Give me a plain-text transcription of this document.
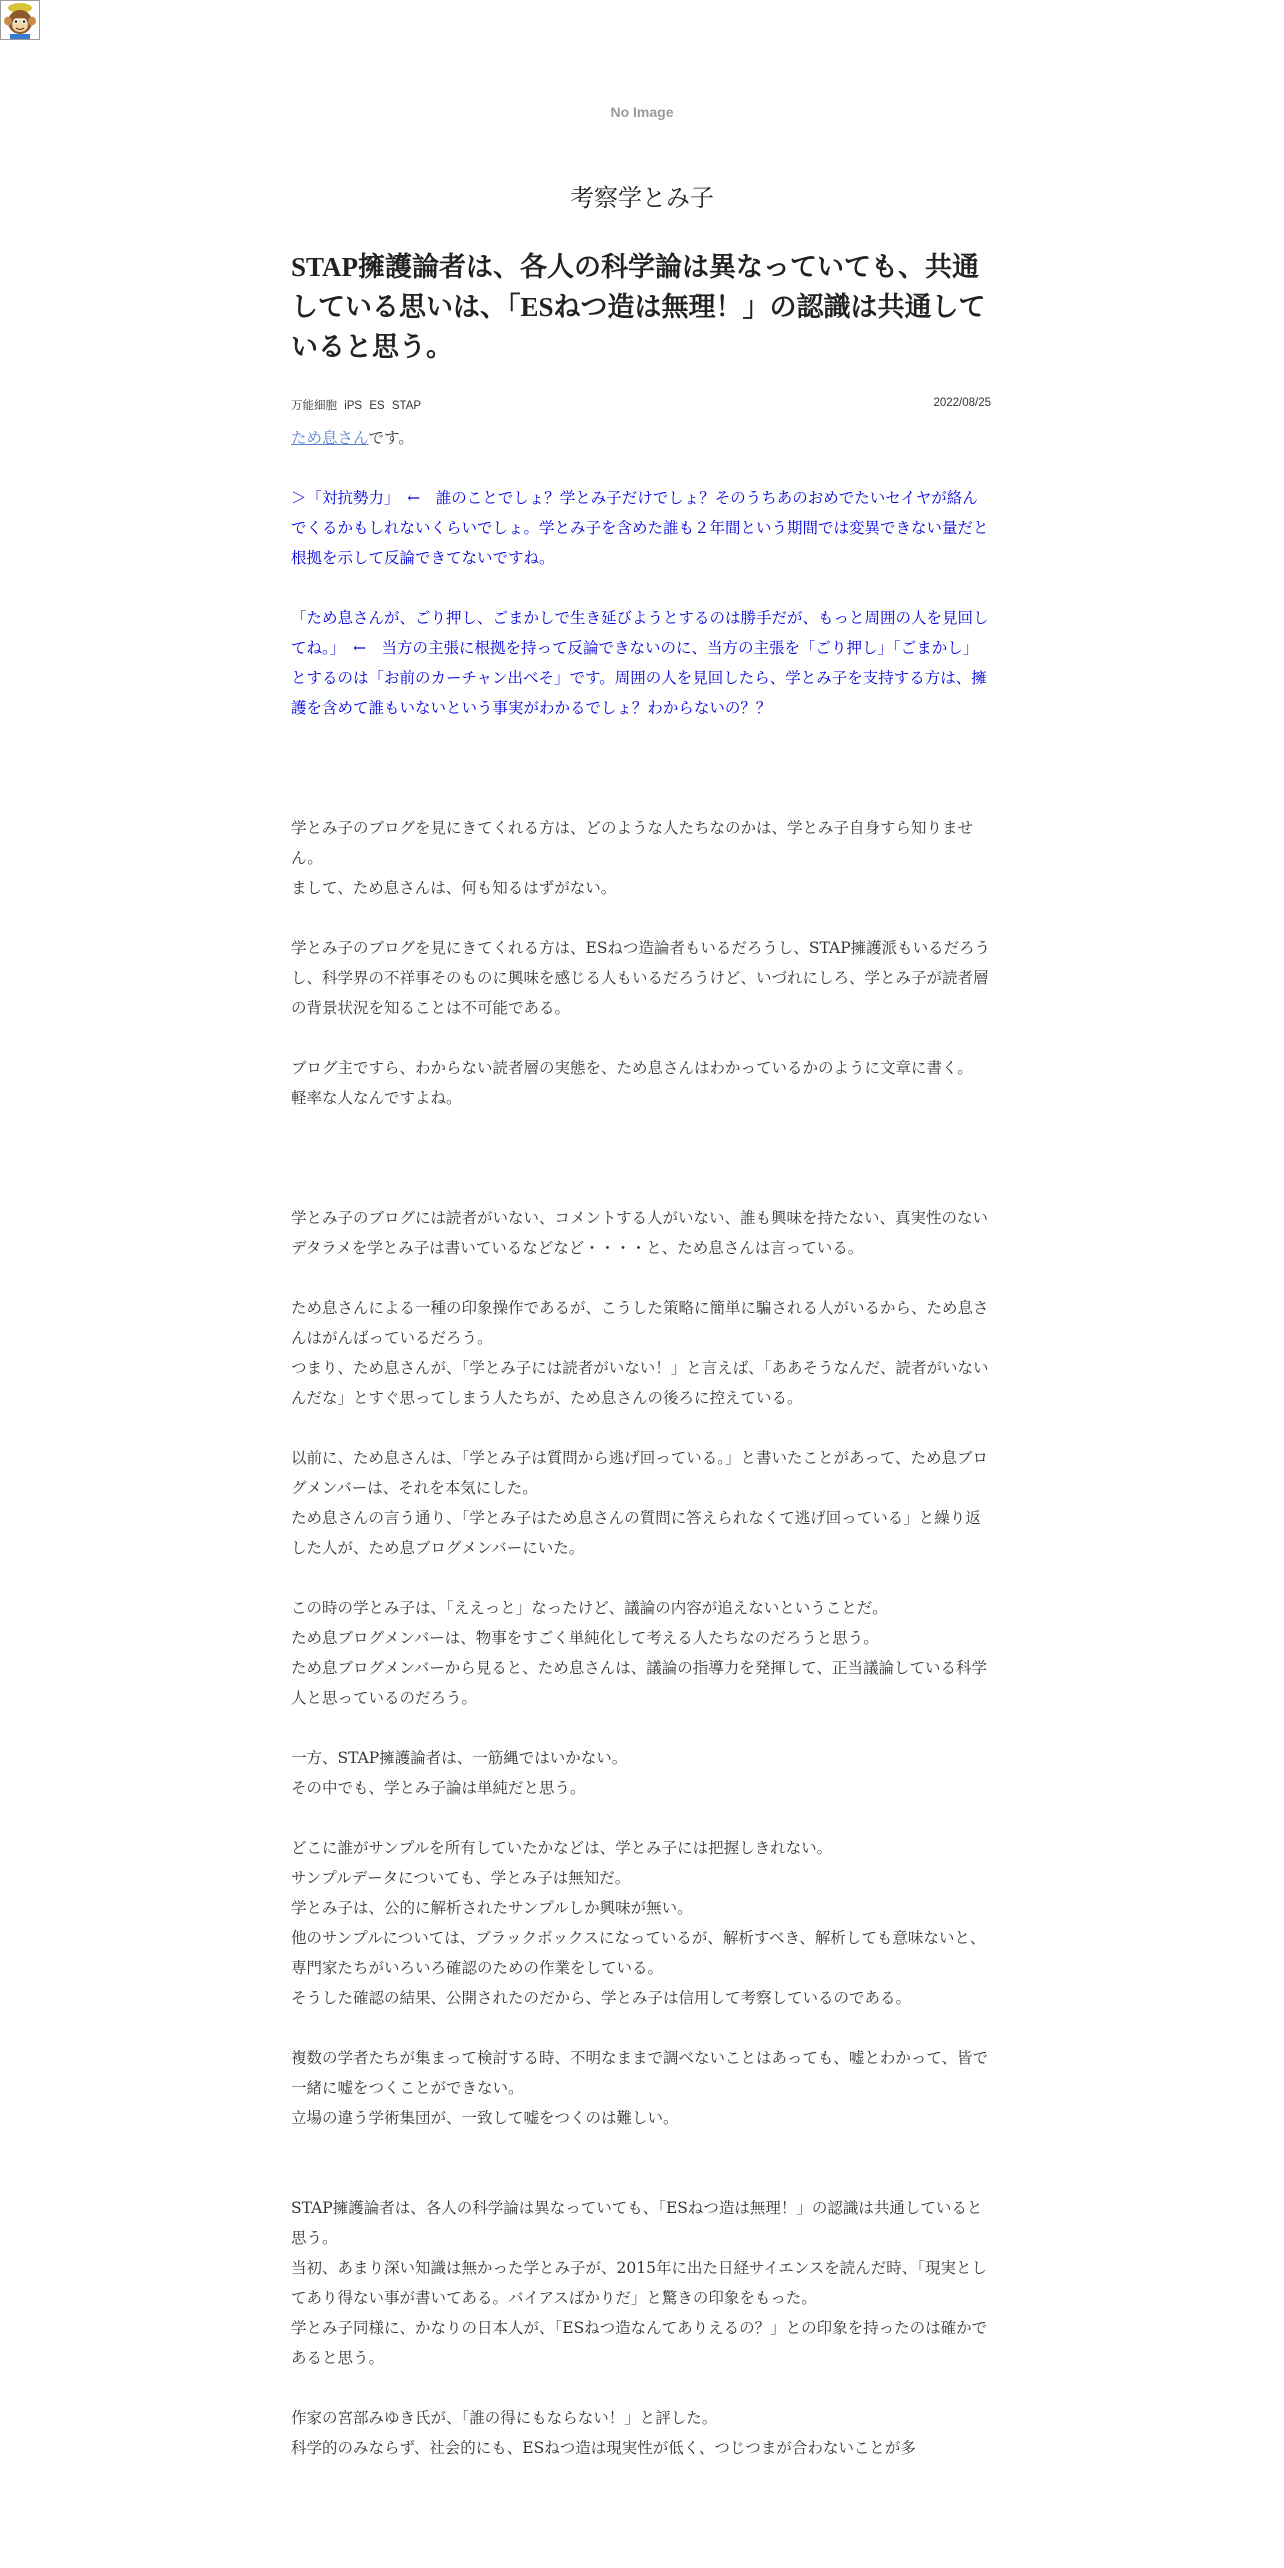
No Image
考察学とみ子
STAP擁護論者は、各人の科学論は異なっていても、共通している思いは、「ESねつ造は無理！」の認識は共通していると思う。
万能細胞 iPS ES STAP	2022/08/25

ため息さんです。

＞「対抗勢力」　←　誰のことでしょ？学とみ子だけでしょ？そのうちあのおめでたいセイヤが絡んでくるかもしれないくらいでしょ。学とみ子を含めた誰も２年間という期間では変異できない量だと根拠を示して反論できてないですね。

「ため息さんが、ごり押し、ごまかしで生き延びようとするのは勝手だが、もっと周囲の人を見回してね。」　←　当方の主張に根拠を持って反論できないのに、当方の主張を「ごり押し」「ごまかし」とするのは「お前のカーチャン出べそ」です。周囲の人を見回したら、学とみ子を支持する方は、擁護を含めて誰もいないという事実がわかるでしょ？わからないの？？

学とみ子のブログを見にきてくれる方は、どのような人たちなのかは、学とみ子自身すら知りません。
まして、ため息さんは、何も知るはずがない。

学とみ子のブログを見にきてくれる方は、ESねつ造論者もいるだろうし、STAP擁護派もいるだろうし、科学界の不祥事そのものに興味を感じる人もいるだろうけど、いづれにしろ、学とみ子が読者層の背景状況を知ることは不可能である。

ブログ主ですら、わからない読者層の実態を、ため息さんはわかっているかのように文章に書く。
軽率な人なんですよね。

学とみ子のブログには読者がいない、コメントする人がいない、誰も興味を持たない、真実性のないデタラメを学とみ子は書いているなどなど・・・・と、ため息さんは言っている。

ため息さんによる一種の印象操作であるが、こうした策略に簡単に騙される人がいるから、ため息さんはがんばっているだろう。
つまり、ため息さんが、「学とみ子には読者がいない！」と言えば、「ああそうなんだ、読者がいないんだな」とすぐ思ってしまう人たちが、ため息さんの後ろに控えている。

以前に、ため息さんは、「学とみ子は質問から逃げ回っている。」と書いたことがあって、ため息ブログメンバーは、それを本気にした。
ため息さんの言う通り、「学とみ子はため息さんの質問に答えられなくて逃げ回っている」と繰り返した人が、ため息ブログメンバーにいた。

この時の学とみ子は、「ええっと」なったけど、議論の内容が追えないということだ。
ため息ブログメンバーは、物事をすごく単純化して考える人たちなのだろうと思う。
ため息ブログメンバーから見ると、ため息さんは、議論の指導力を発揮して、正当議論している科学人と思っているのだろう。

一方、STAP擁護論者は、一筋縄ではいかない。
その中でも、学とみ子論は単純だと思う。

どこに誰がサンプルを所有していたかなどは、学とみ子には把握しきれない。
サンプルデータについても、学とみ子は無知だ。
学とみ子は、公的に解析されたサンプルしか興味が無い。
他のサンプルについては、ブラックボックスになっているが、解析すべき、解析しても意味ないと、専門家たちがいろいろ確認のための作業をしている。
そうした確認の結果、公開されたのだから、学とみ子は信用して考察しているのである。

複数の学者たちが集まって検討する時、不明なままで調べないことはあっても、嘘とわかって、皆で一緒に嘘をつくことができない。
立場の違う学術集団が、一致して嘘をつくのは難しい。

STAP擁護論者は、各人の科学論は異なっていても、「ESねつ造は無理！」の認識は共通していると思う。
当初、あまり深い知識は無かった学とみ子が、2015年に出た日経サイエンスを読んだ時、「現実としてあり得ない事が書いてある。バイアスばかりだ」と驚きの印象をもった。
学とみ子同様に、かなりの日本人が、「ESねつ造なんてありえるの？」との印象を持ったのは確かであると思う。

作家の宮部みゆき氏が、「誰の得にもならない！」と評した。
科学的のみならず、社会的にも、ESねつ造は現実性が低く、つじつまが合わないことが多
